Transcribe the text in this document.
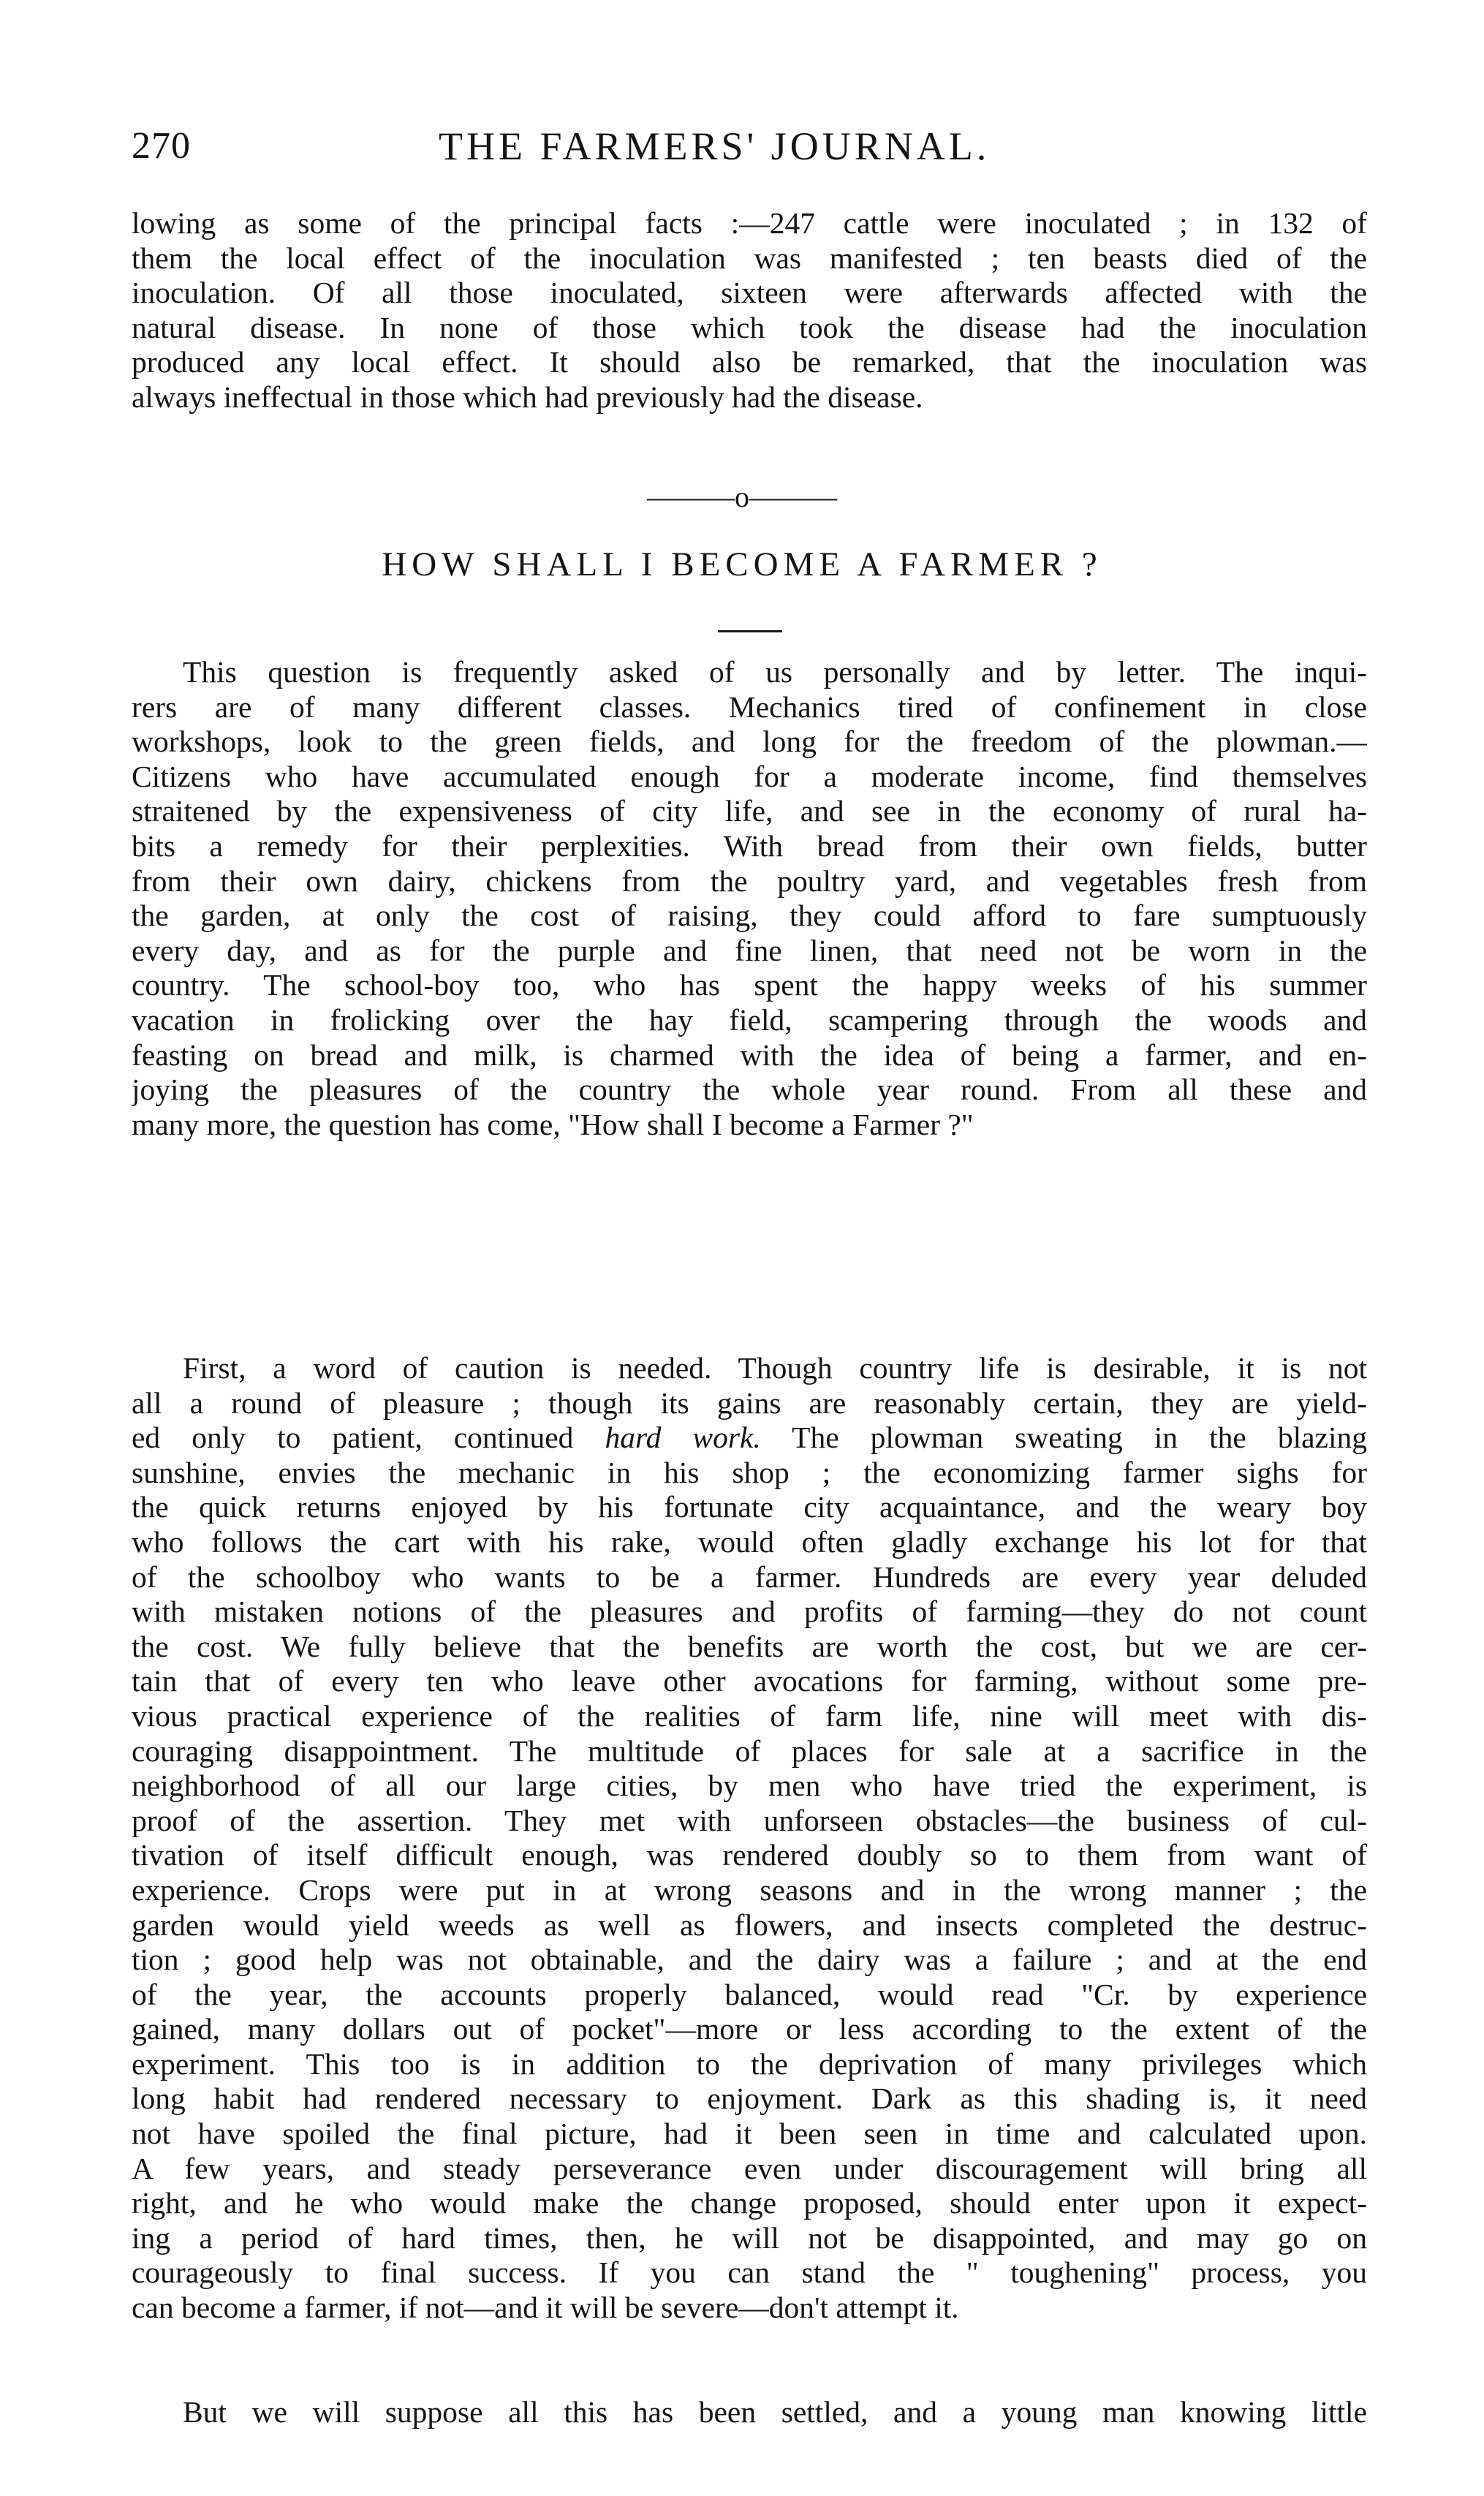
270	THE FARMERS' JOURNAL.
lowing as some of the principal facts :—247 cattle were inoculated ; in 132 of
them the local effect of the inoculation was manifested ; ten beasts died of the
inoculation. Of all those inoculated, sixteen were afterwards affected with the
natural disease. In none of those which took the disease had the inoculation
produced any local effect. It should also be remarked, that the inoculation was
always ineffectual in those which had previously had the disease.
———o———
HOW SHALL I BECOME A FARMER ?
This question is frequently asked of us personally and by letter. The inqui-
rers are of many different classes. Mechanics tired of confinement in close
workshops, look to the green fields, and long for the freedom of the plowman.—
Citizens who have accumulated enough for a moderate income, find themselves
straitened by the expensiveness of city life, and see in the economy of rural ha-
bits a remedy for their perplexities. With bread from their own fields, butter
from their own dairy, chickens from the poultry yard, and vegetables fresh from
the garden, at only the cost of raising, they could afford to fare sumptuously
every day, and as for the purple and fine linen, that need not be worn in the
country. The school-boy too, who has spent the happy weeks of his summer
vacation in frolicking over the hay field, scampering through the woods and
feasting on bread and milk, is charmed with the idea of being a farmer, and en-
joying the pleasures of the country the whole year round. From all these and
many more, the question has come, "How shall I become a Farmer ?"
First, a word of caution is needed. Though country life is desirable, it is not
all a round of pleasure ; though its gains are reasonably certain, they are yield-
ed only to patient, continued hard work. The plowman sweating in the blazing
sunshine, envies the mechanic in his shop ; the economizing farmer sighs for
the quick returns enjoyed by his fortunate city acquaintance, and the weary boy
who follows the cart with his rake, would often gladly exchange his lot for that
of the schoolboy who wants to be a farmer. Hundreds are every year deluded
with mistaken notions of the pleasures and profits of farming—they do not count
the cost. We fully believe that the benefits are worth the cost, but we are cer-
tain that of every ten who leave other avocations for farming, without some pre-
vious practical experience of the realities of farm life, nine will meet with dis-
couraging disappointment. The multitude of places for sale at a sacrifice in the
neighborhood of all our large cities, by men who have tried the experiment, is
proof of the assertion. They met with unforseen obstacles—the business of cul-
tivation of itself difficult enough, was rendered doubly so to them from want of
experience. Crops were put in at wrong seasons and in the wrong manner ; the
garden would yield weeds as well as flowers, and insects completed the destruc-
tion ; good help was not obtainable, and the dairy was a failure ; and at the end
of the year, the accounts properly balanced, would read "Cr. by experience
gained, many dollars out of pocket"—more or less according to the extent of the
experiment. This too is in addition to the deprivation of many privileges which
long habit had rendered necessary to enjoyment. Dark as this shading is, it need
not have spoiled the final picture, had it been seen in time and calculated upon.
A few years, and steady perseverance even under discouragement will bring all
right, and he who would make the change proposed, should enter upon it expect-
ing a period of hard times, then, he will not be disappointed, and may go on
courageously to final success. If you can stand the " toughening" process, you
can become a farmer, if not—and it will be severe—don't attempt it.
But we will suppose all this has been settled, and a young man knowing little
